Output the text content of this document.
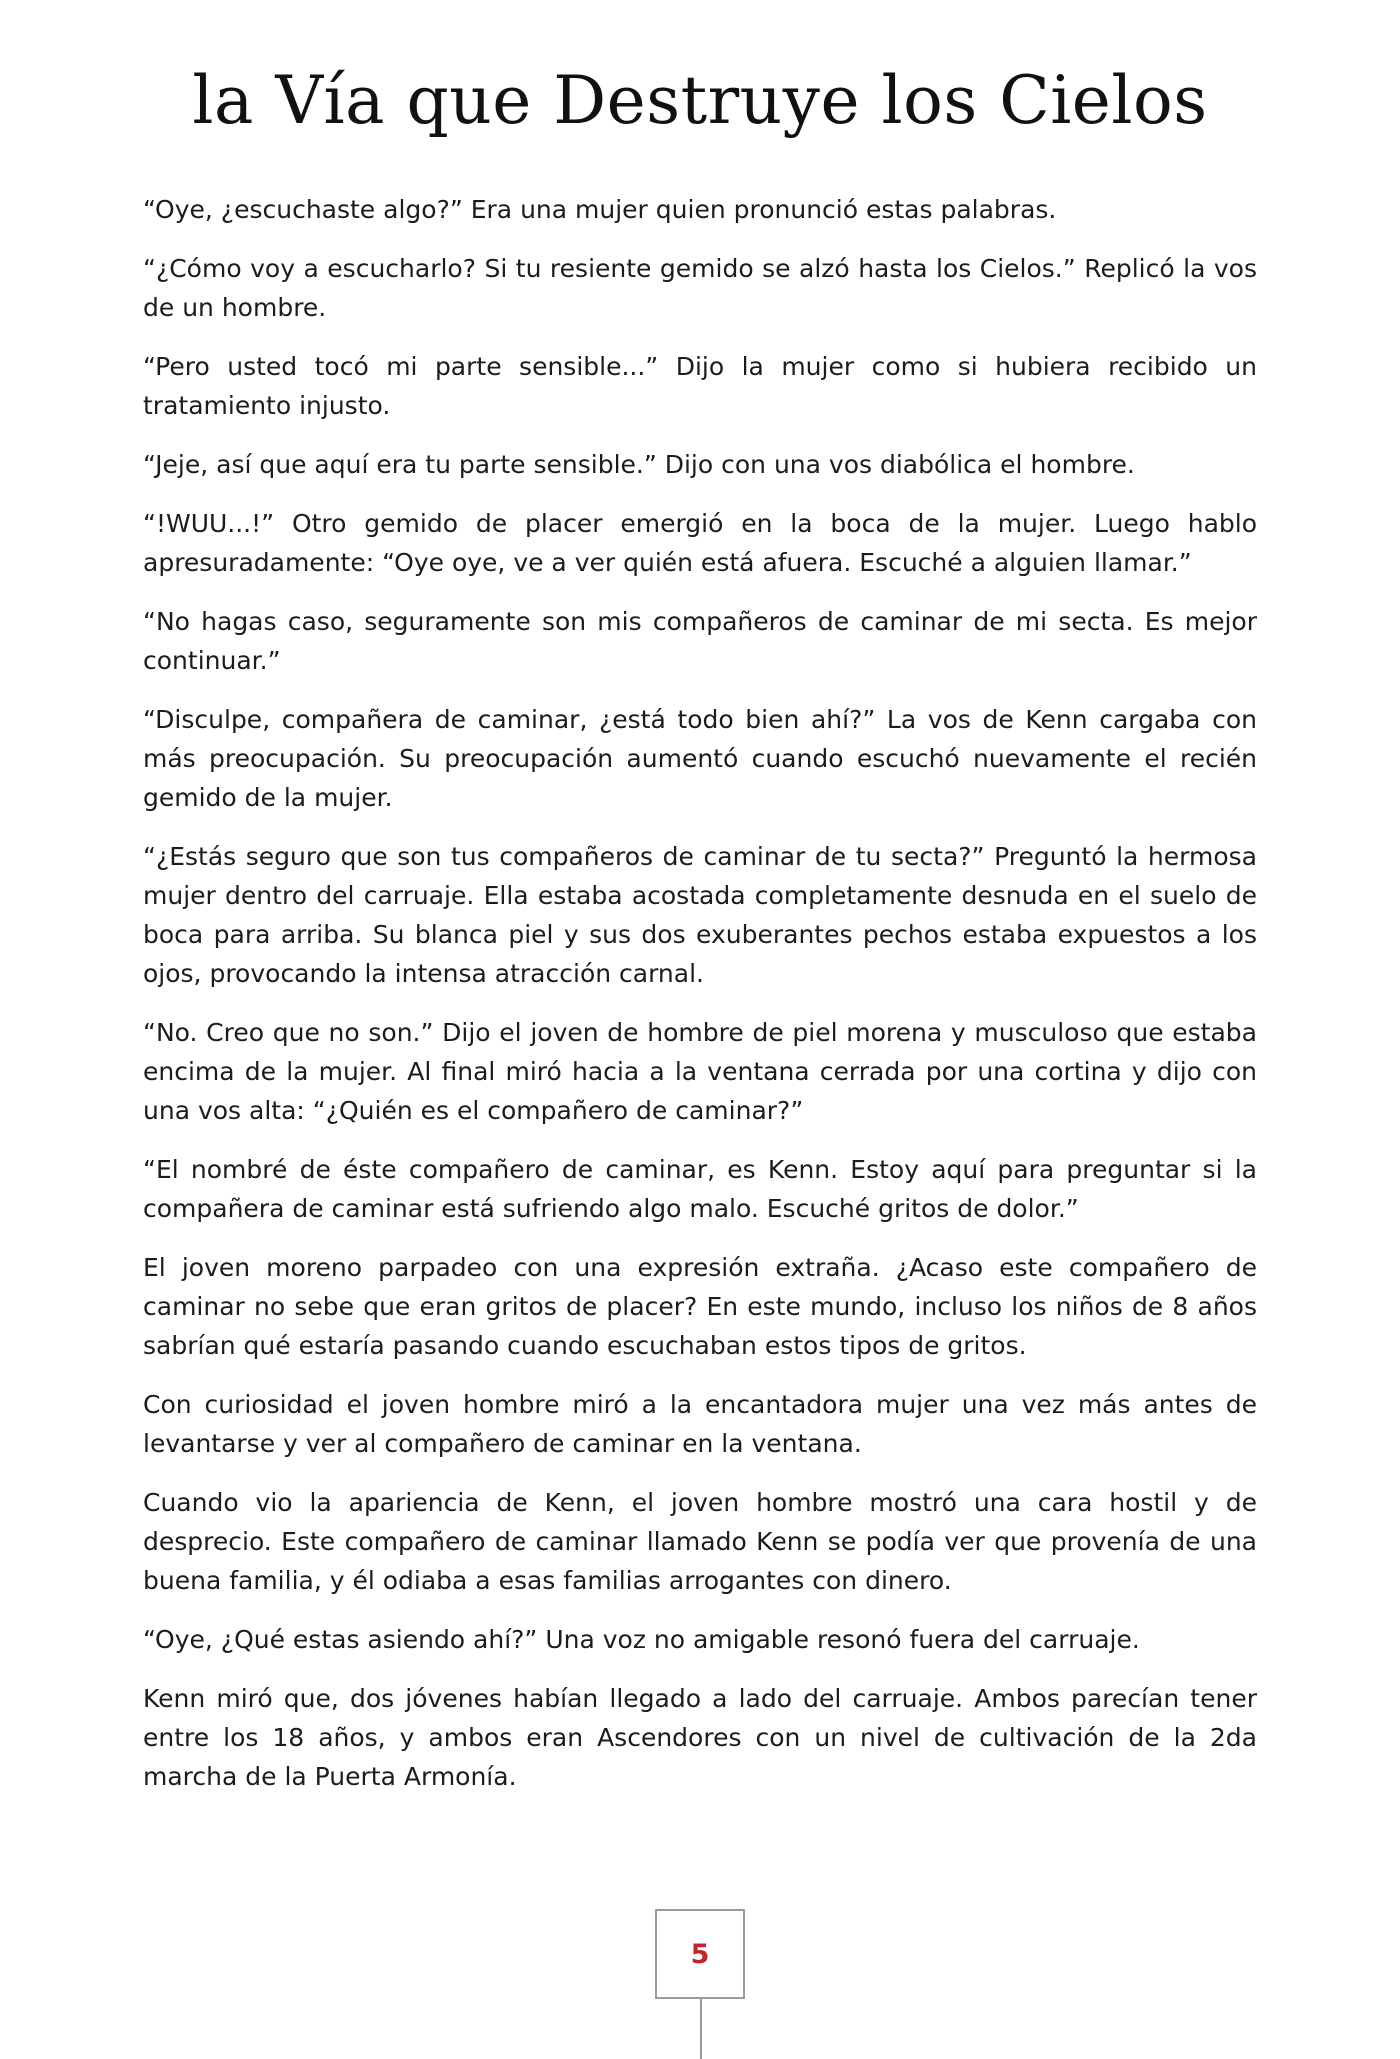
la Vía que Destruye los Cielos

“Oye, ¿escuchaste algo?” Era una mujer quien pronunció estas palabras.

“¿Cómo voy a escucharlo? Si tu resiente gemido se alzó hasta los Cielos.” Replicó la vos de un hombre.

“Pero usted tocó mi parte sensible...” Dijo la mujer como si hubiera recibido un tratamiento injusto.

“Jeje, así que aquí era tu parte sensible.” Dijo con una vos diabólica el hombre.

“!WUU...!” Otro gemido de placer emergió en la boca de la mujer. Luego hablo apresuradamente: “Oye oye, ve a ver quién está afuera. Escuché a alguien llamar.”

“No hagas caso, seguramente son mis compañeros de caminar de mi secta. Es mejor continuar.”

“Disculpe, compañera de caminar, ¿está todo bien ahí?” La vos de Kenn cargaba con más preocupación. Su preocupación aumentó cuando escuchó nuevamente el recién gemido de la mujer.

“¿Estás seguro que son tus compañeros de caminar de tu secta?” Preguntó la hermosa mujer dentro del carruaje. Ella estaba acostada completamente desnuda en el suelo de boca para arriba. Su blanca piel y sus dos exuberantes pechos estaba expuestos a los ojos, provocando la intensa atracción carnal.

“No. Creo que no son.” Dijo el joven de hombre de piel morena y musculoso que estaba encima de la mujer. Al final miró hacia a la ventana cerrada por una cortina y dijo con una vos alta: “¿Quién es el compañero de caminar?”

“El nombré de éste compañero de caminar, es Kenn. Estoy aquí para preguntar si la compañera de caminar está sufriendo algo malo. Escuché gritos de dolor.”

El joven moreno parpadeo con una expresión extraña. ¿Acaso este compañero de caminar no sebe que eran gritos de placer? En este mundo, incluso los niños de 8 años sabrían qué estaría pasando cuando escuchaban estos tipos de gritos.

Con curiosidad el joven hombre miró a la encantadora mujer una vez más antes de levantarse y ver al compañero de caminar en la ventana.

Cuando vio la apariencia de Kenn, el joven hombre mostró una cara hostil y de desprecio. Este compañero de caminar llamado Kenn se podía ver que provenía de una buena familia, y él odiaba a esas familias arrogantes con dinero.

“Oye, ¿Qué estas asiendo ahí?” Una voz no amigable resonó fuera del carruaje.

Kenn miró que, dos jóvenes habían llegado a lado del carruaje. Ambos parecían tener entre los 18 años, y ambos eran Ascendores con un nivel de cultivación de la 2da marcha de la Puerta Armonía.

5
